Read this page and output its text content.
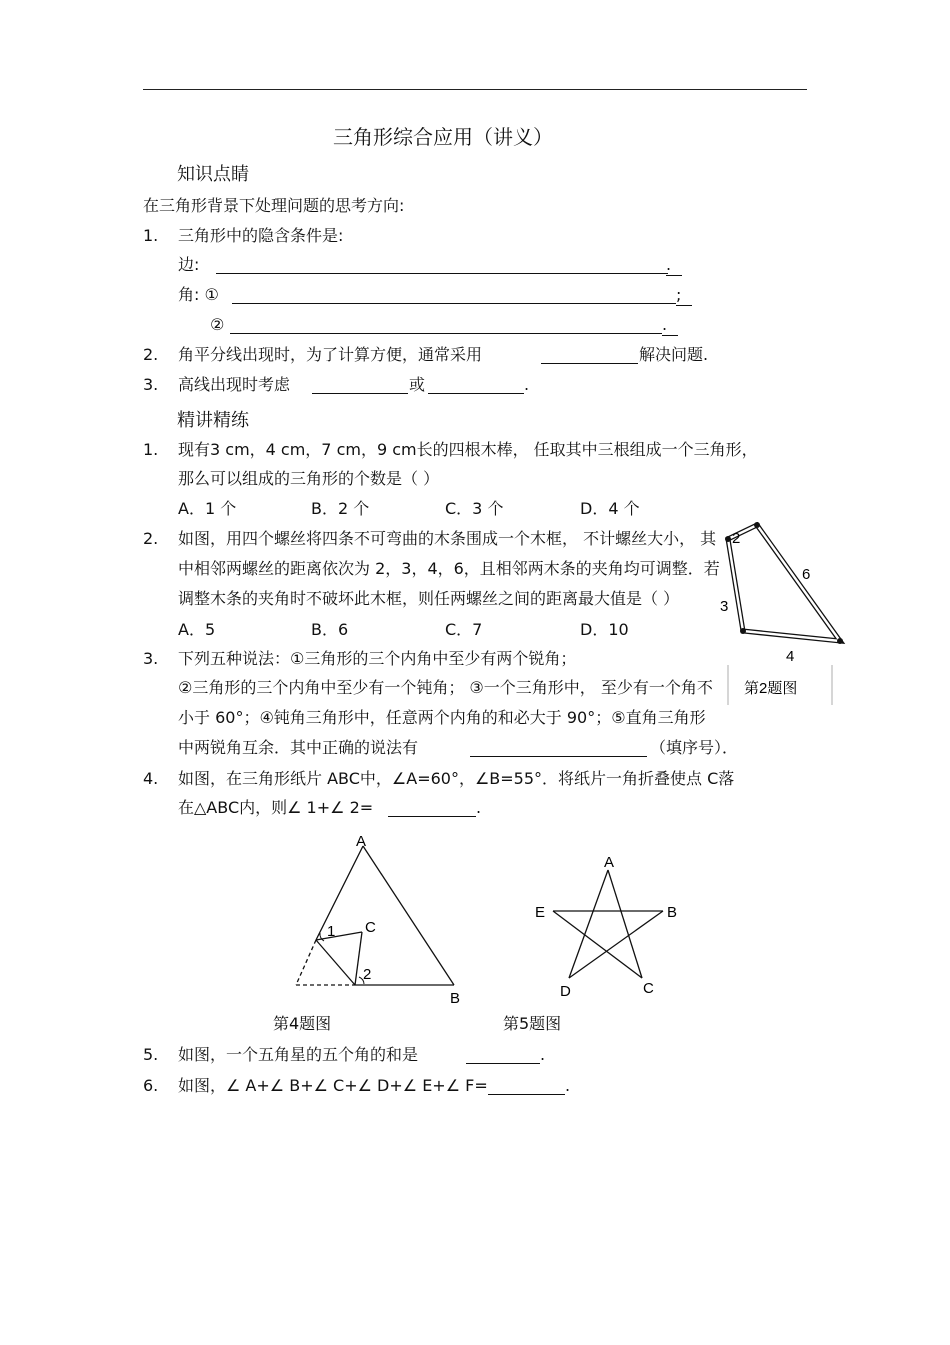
三角形综合应用（讲义）
知识点睛
在三角形背景下处理问题的思考方向:
1. 三角形中的隐含条件是:
边:	.
角: ①	;
②	.
2. 角平分线出现时，为了计算方便，通常采用	解决问题.
3. 高线出现时考虑	或	.
精讲精练
1. 现有3 cm，4 cm，7 cm，9 cm长的四根木棒， 任取其中三根组成一个三角形，
那么可以组成的三角形的个数是（ ）
A．1 个	B．2 个	C．3 个	D．4 个
2. 如图，用四个螺丝将四条不可弯曲的木条围成一个木框， 不计螺丝大小， 其
中相邻两螺丝的距离依次为 2，3，4，6，且相邻两木条的夹角均可调整．若
调整木条的夹角时不破坏此木框，则任两螺丝之间的距离最大值是（ ）
A．5	B．6	C．7	D．10
2
6
3
4
第2题图
3. 下列五种说法：①三角形的三个内角中至少有两个锐角；
②三角形的三个内角中至少有一个钝角； ③一个三角形中， 至少有一个角不
小于 60°；④钝角三角形中，任意两个内角的和必大于 90°；⑤直角三角形
中两锐角互余．其中正确的说法有	（填序号）．
4. 如图，在三角形纸片 ABC中，∠A=60°，∠B=55°．将纸片一角折叠使点 C落
在△ABC内，则∠ 1+∠ 2=	.
A
C
1
2
B
第4题图
A
E	B
D	C
第5题图
5. 如图，一个五角星的五个角的和是	.
6. 如图，∠ A+∠ B+∠ C+∠ D+∠ E+∠ F=	.
